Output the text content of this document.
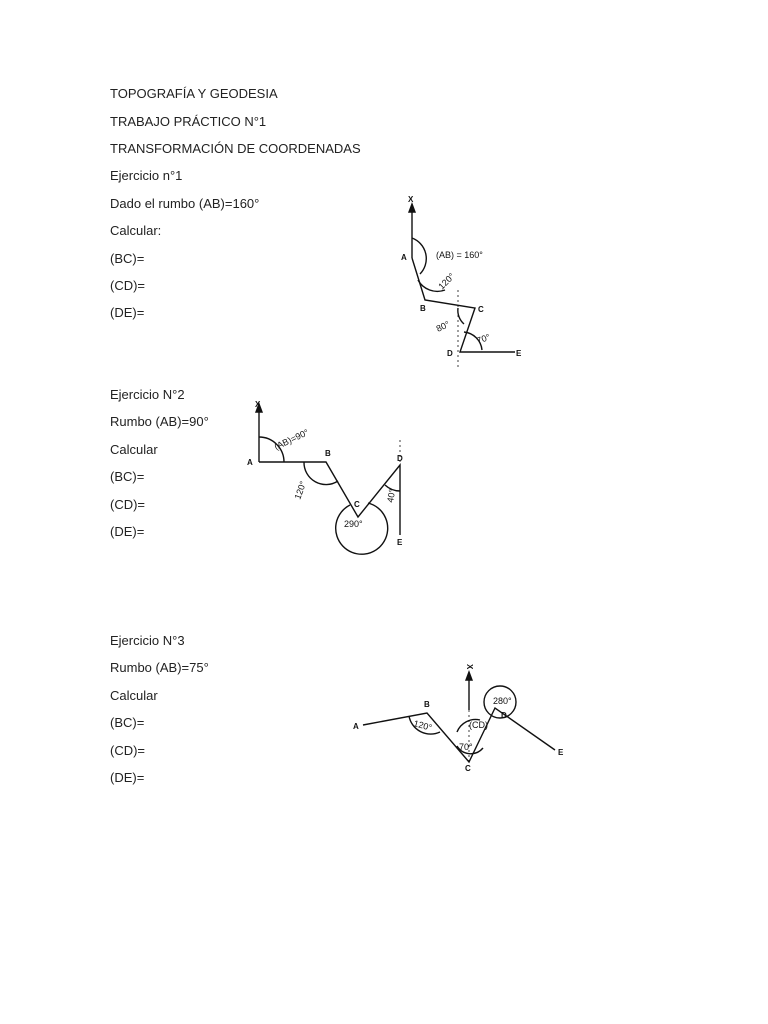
TOPOGRAFÍA Y GEODESIA
TRABAJO PRÁCTICO N°1
TRANSFORMACIÓN DE COORDENADAS
Ejercicio n°1
Dado el rumbo (AB)=160°
Calcular:
(BC)=
(CD)=
(DE)=
X
A
B	C
D	E
(AB) = 160°
120°
80°
70°
Ejercicio N°2
Rumbo (AB)=90°
Calcular
(BC)=
(CD)=
(DE)=
X
A
B
C
D
E
(AB)=90°
120°
290°
40°
Ejercicio N°3
Rumbo (AB)=75°
Calcular
(BC)=
(CD)=
(DE)=
A
B
C
D
E
X
120°	(CD)
70°
280°
